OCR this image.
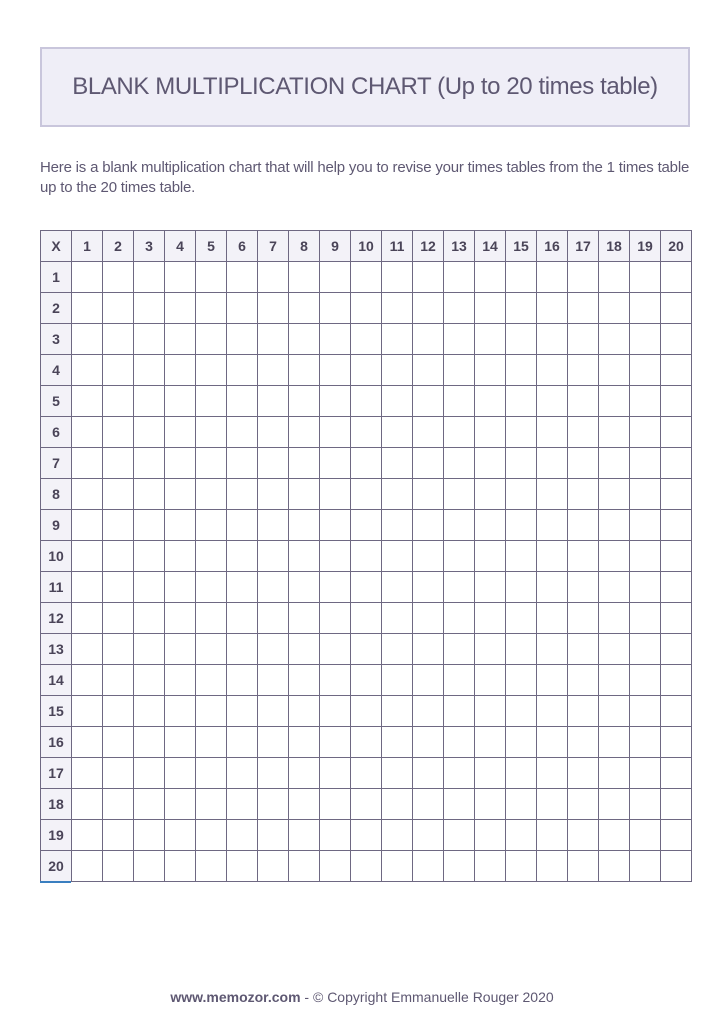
BLANK MULTIPLICATION CHART (Up to 20 times table)
Here is a blank multiplication chart that will help you to revise your times tables from the 1 times table up to the 20 times table.
X	1	2	3	4	5	6	7	8	9	10	11	12	13	14	15	16	17	18	19	20
1																				
2																				
3																				
4																				
5																				
6																				
7																				
8																				
9																				
10																				
11																				
12																				
13																				
14																				
15																				
16																				
17																				
18																				
19																				
20																				
www.memozor.com - © Copyright Emmanuelle Rouger 2020
